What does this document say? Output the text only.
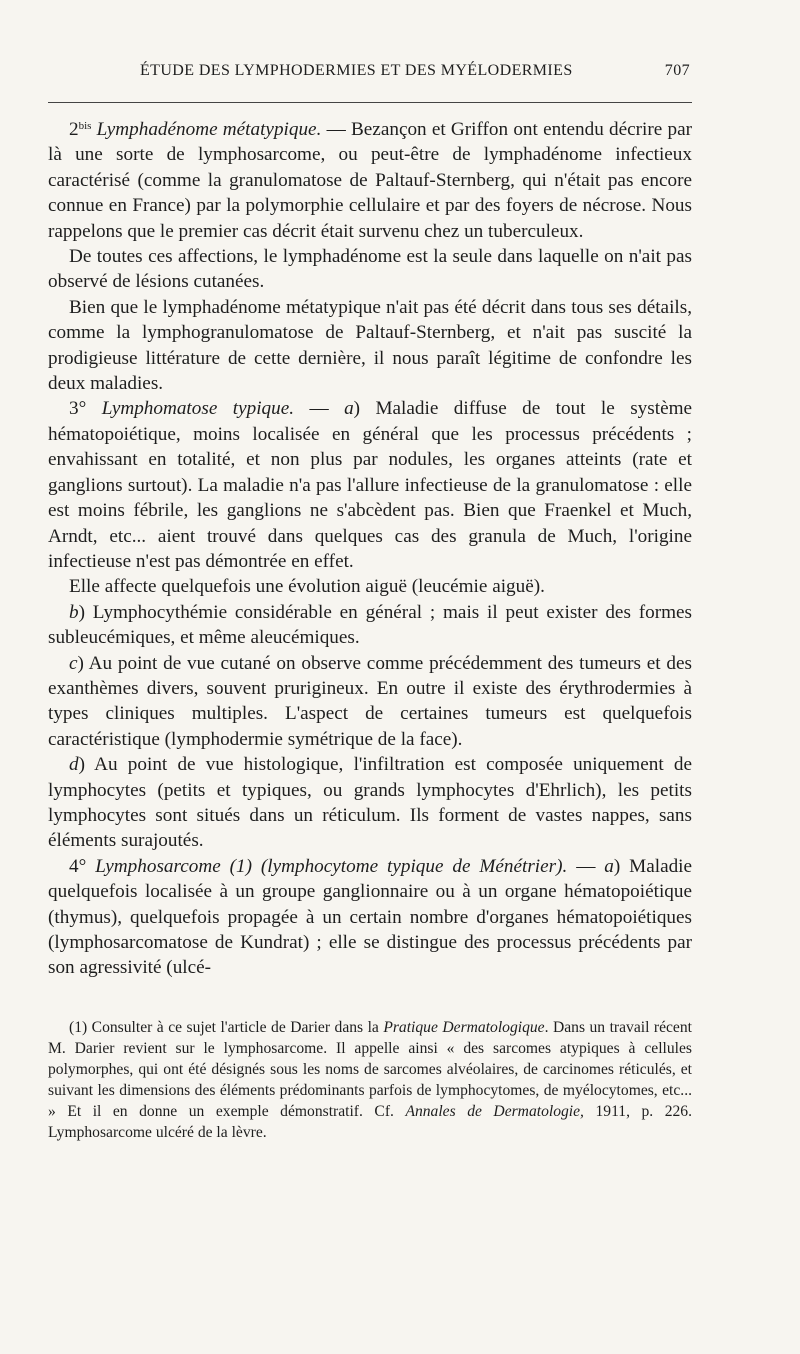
ÉTUDE DES LYMPHODERMIES ET DES MYÉLODERMIES	707

$2^{bis}$ Lymphadénome métatypique. — Bezançon et Griffon ont entendu décrire par là une sorte de lymphosarcome, ou peut-être de lymphadénome infectieux caractérisé (comme la granulomatose de Paltauf-Sternberg, qui n'était pas encore connue en France) par la polymorphie cellulaire et par des foyers de nécrose. Nous rappelons que le premier cas décrit était survenu chez un tuberculeux.

De toutes ces affections, le lymphadénome est la seule dans laquelle on n'ait pas observé de lésions cutanées.

Bien que le lymphadénome métatypique n'ait pas été décrit dans tous ses détails, comme la lymphogranulomatose de Paltauf-Sternberg, et n'ait pas suscité la prodigieuse littérature de cette dernière, il nous paraît légitime de confondre les deux maladies.

3° Lymphomatose typique. — a) Maladie diffuse de tout le système hématopoiétique, moins localisée en général que les processus précédents ; envahissant en totalité, et non plus par nodules, les organes atteints (rate et ganglions surtout). La maladie n'a pas l'allure infectieuse de la granulomatose : elle est moins fébrile, les ganglions ne s'abcèdent pas. Bien que Fraenkel et Much, Arndt, etc... aient trouvé dans quelques cas des granula de Much, l'origine infectieuse n'est pas démontrée en effet.

Elle affecte quelquefois une évolution aiguë (leucémie aiguë).

b) Lymphocythémie considérable en général ; mais il peut exister des formes subleucémiques, et même aleucémiques.

c) Au point de vue cutané on observe comme précédemment des tumeurs et des exanthèmes divers, souvent prurigineux. En outre il existe des érythrodermies à types cliniques multiples. L'aspect de certaines tumeurs est quelquefois caractéristique (lymphodermie symétrique de la face).

d) Au point de vue histologique, l'infiltration est composée uniquement de lymphocytes (petits et typiques, ou grands lymphocytes d'Ehrlich), les petits lymphocytes sont situés dans un réticulum. Ils forment de vastes nappes, sans éléments surajoutés.

4° Lymphosarcome (1) (lymphocytome typique de Ménétrier). — a) Maladie quelquefois localisée à un groupe ganglionnaire ou à un organe hématopoiétique (thymus), quelquefois propagée à un certain nombre d'organes hématopoiétiques (lymphosarcomatose de Kundrat) ; elle se distingue des processus précédents par son agressivité (ulcé-

(1) Consulter à ce sujet l'article de Darier dans la Pratique Dermatologique. Dans un travail récent M. Darier revient sur le lymphosarcome. Il appelle ainsi « des sarcomes atypiques à cellules polymorphes, qui ont été désignés sous les noms de sarcomes alvéolaires, de carcinomes réticulés, et suivant les dimensions des éléments prédominants parfois de lymphocytomes, de myélocytomes, etc... » Et il en donne un exemple démonstratif. Cf. Annales de Dermatologie, 1911, p. 226. Lymphosarcome ulcéré de la lèvre.
